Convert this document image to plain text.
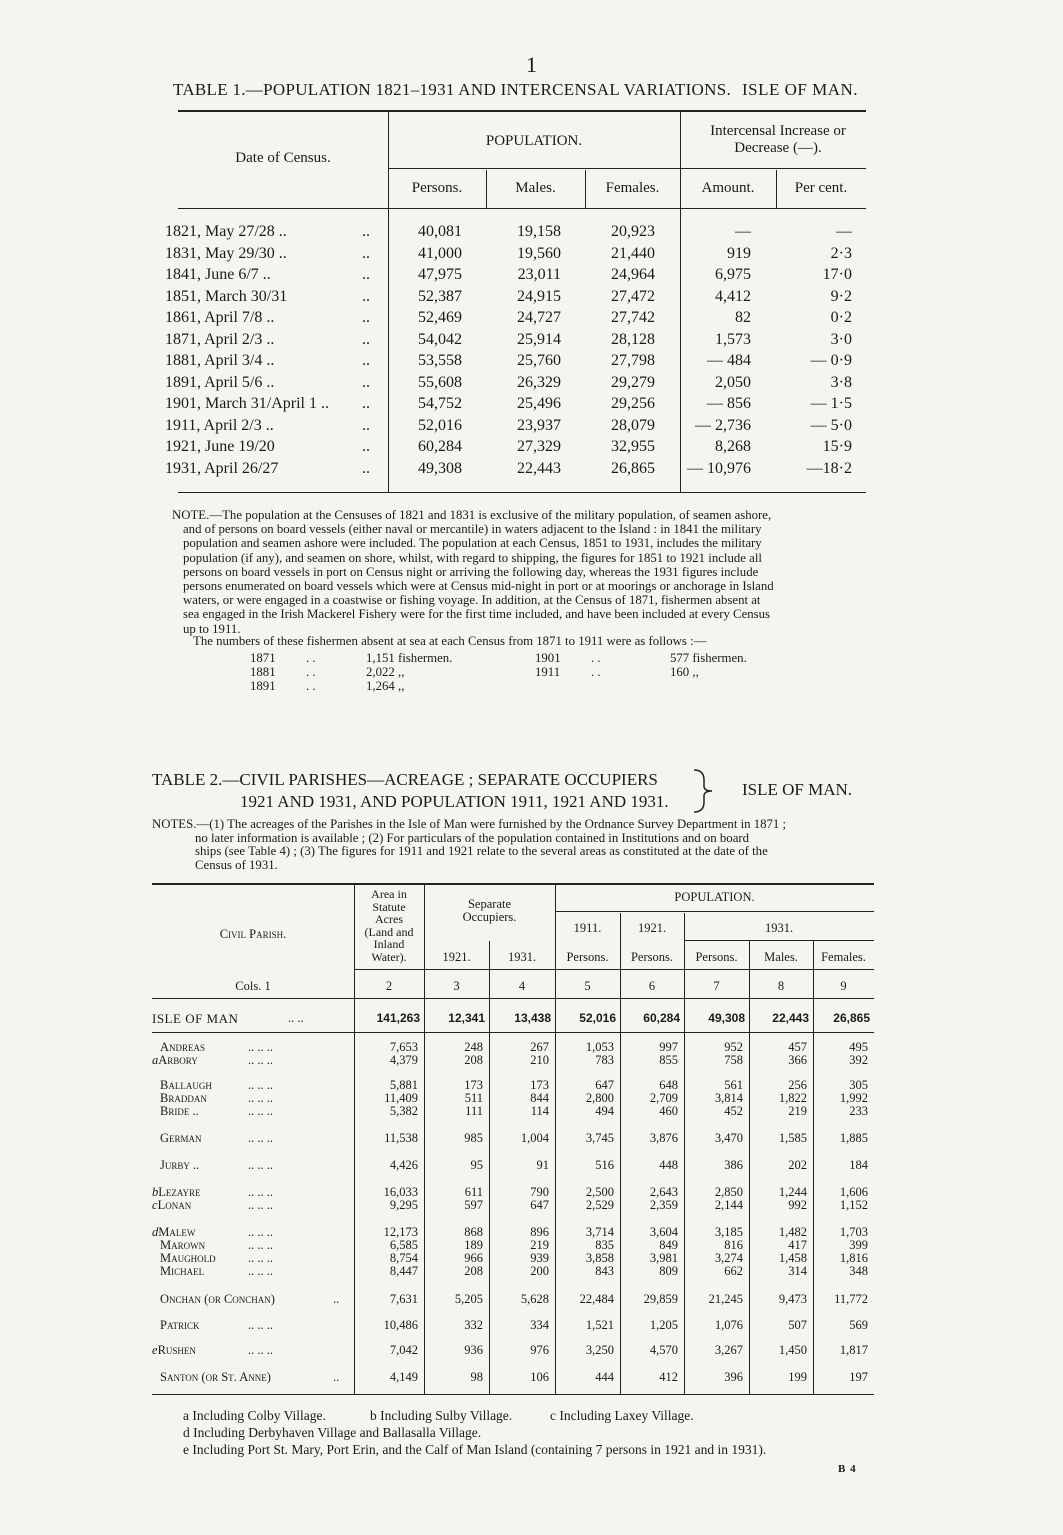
1
TABLE 1.—POPULATION 1821–1931 AND INTERCENSAL VARIATIONS. ISLE OF MAN.
Date of Census.
POPULATION.
Intercensal Increase or Decrease (—).
Persons.	Males.	Females.	Amount.	Per cent.
1821, May 27/28 ..	..	40,081	19,158	20,923	—	—
1831, May 29/30 ..	..	41,000	19,560	21,440	919	2·3
1841, June 6/7 ..	..	47,975	23,011	24,964	6,975	17·0
1851, March 30/31	..	52,387	24,915	27,472	4,412	9·2
1861, April 7/8 ..	..	52,469	24,727	27,742	82	0·2
1871, April 2/3 ..	..	54,042	25,914	28,128	1,573	3·0
1881, April 3/4 ..	..	53,558	25,760	27,798	— 484	— 0·9
1891, April 5/6 ..	..	55,608	26,329	29,279	2,050	3·8
1901, March 31/April 1 .. ..	54,752	25,496	29,256	— 856	— 1·5
1911, April 2/3 ..	..	52,016	23,937	28,079	— 2,736	— 5·0
1921, June 19/20	..	60,284	27,329	32,955	8,268	15·9
1931, April 26/27	..	49,308	22,443	26,865	— 10,976	—18·2
NOTE.—The population at the Censuses of 1821 and 1831 is exclusive of the military population, of seamen ashore,
and of persons on board vessels (either naval or mercantile) in waters adjacent to the Island : in 1841 the military
population and seamen ashore were included. The population at each Census, 1851 to 1931, includes the military
population (if any), and seamen on shore, whilst, with regard to shipping, the figures for 1851 to 1921 include all
persons on board vessels in port on Census night or arriving the following day, whereas the 1931 figures include
persons enumerated on board vessels which were at Census mid-night in port or at moorings or anchorage in Island
waters, or were engaged in a coastwise or fishing voyage. In addition, at the Census of 1871, fishermen absent at
sea engaged in the Irish Mackerel Fishery were for the first time included, and have been included at every Census
up to 1911.
The numbers of these fishermen absent at sea at each Census from 1871 to 1911 were as follows :—
1871 . .	1,151 fishermen.
1881 . .	2,022 ,,
1891 . .	1,264 ,,
1901 . .	577 fishermen.
1911 . .	160 ,,
TABLE 2.—CIVIL PARISHES—ACREAGE ; SEPARATE OCCUPIERS
1921 AND 1931, AND POPULATION 1911, 1921 AND 1931.
ISLE OF MAN.
NOTES.—(1) The acreages of the Parishes in the Isle of Man were furnished by the Ordnance Survey Department in 1871 ;
no later information is available ; (2) For particulars of the population contained in Institutions and on board
ships (see Table 4) ; (3) The figures for 1911 and 1921 relate to the several areas as constituted at the date of the
Census of 1931.
Civil Parish.
Area in
Statute
Acres
(Land and
Inland
Water).
Separate
Occupiers.
POPULATION.
1911.	1921.	1931.
1921.	1931.	Persons.	Persons.	Persons.	Males.	Females.
Cols. 1	2	3	4	5	6	7	8	9
ISLE OF MAN	.. ..	141,263	12,341	13,438	52,016	60,284	49,308	22,443	26,865
Andreas	.. .. ..	7,653	248	267	1,053	997	952	457	495
aArbory	.. .. ..	4,379	208	210	783	855	758	366	392
Ballaugh	.. .. ..	5,881	173	173	647	648	561	256	305
Braddan	.. .. ..	11,409	511	844	2,800	2,709	3,814	1,822	1,992
Bride ..	.. .. ..	5,382	111	114	494	460	452	219	233
German	.. .. ..	11,538	985	1,004	3,745	3,876	3,470	1,585	1,885
Jurby ..	.. .. ..	4,426	95	91	516	448	386	202	184
bLezayre	.. .. ..	16,033	611	790	2,500	2,643	2,850	1,244	1,606
cLonan	.. .. ..	9,295	597	647	2,529	2,359	2,144	992	1,152
dMalew	.. .. ..	12,173	868	896	3,714	3,604	3,185	1,482	1,703
Marown	.. .. ..	6,585	189	219	835	849	816	417	399
Maughold	.. .. ..	8,754	966	939	3,858	3,981	3,274	1,458	1,816
Michael	.. .. ..	8,447	208	200	843	809	662	314	348
Onchan (or Conchan)	..	7,631	5,205	5,628	22,484	29,859	21,245	9,473	11,772
Patrick	.. .. ..	10,486	332	334	1,521	1,205	1,076	507	569
eRushen	.. .. ..	7,042	936	976	3,250	4,570	3,267	1,450	1,817
Santon (or St. Anne)	..	4,149	98	106	444	412	396	199	197
a Including Colby Village.	b Including Sulby Village.	c Including Laxey Village.
d Including Derbyhaven Village and Ballasalla Village.
e Including Port St. Mary, Port Erin, and the Calf of Man Island (containing 7 persons in 1921 and in 1931).
B 4
